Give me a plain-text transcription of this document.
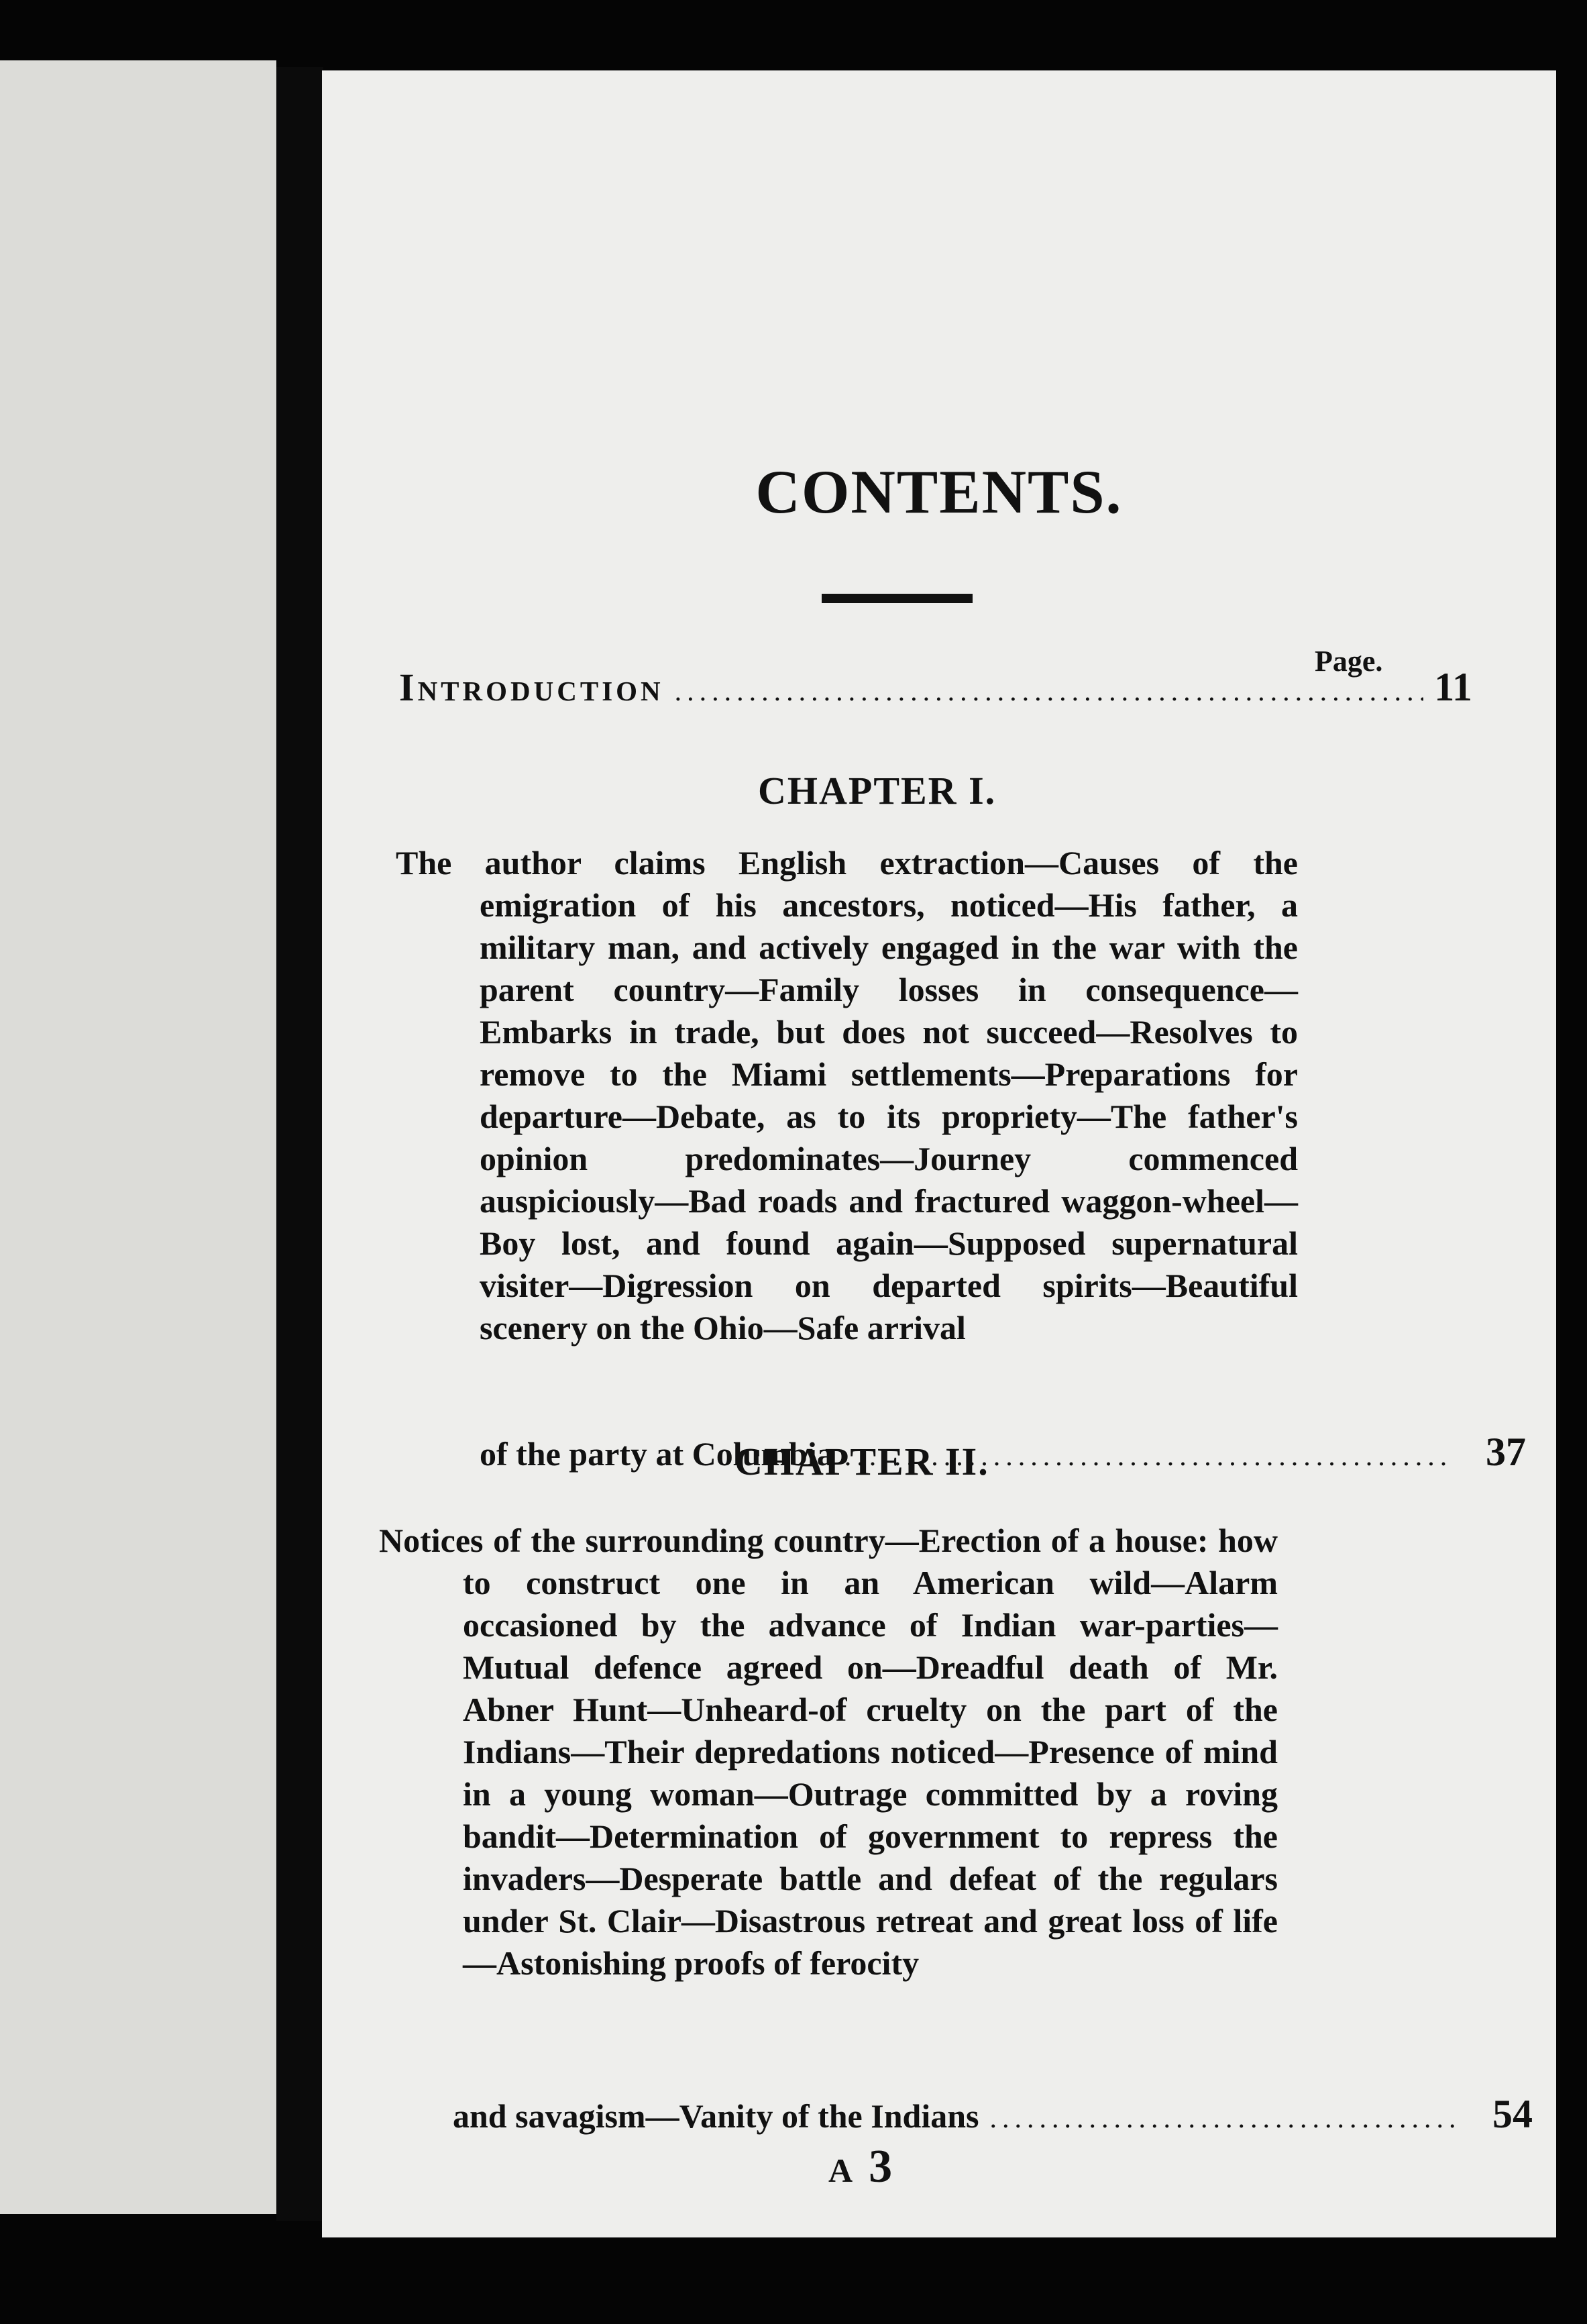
CONTENTS.
Page.
Introduction .....	11
CHAPTER I.

The author claims English extraction—Causes of the emigration of his ancestors, noticed—His father, a military man, and actively engaged in the war with the parent country—Family losses in consequence—Embarks in trade, but does not succeed—Resolves to remove to the Miami settlements—Preparations for departure—Debate, as to its propriety—The father's opinion predominates—Journey commenced auspiciously—Bad roads and fractured waggon-wheel—Boy lost, and found again—Supposed supernatural visiter—Digression on departed spirits—Beautiful scenery on the Ohio—Safe arrival

of the party at Columbia .....	37
CHAPTER II.

Notices of the surrounding country—Erection of a house: how to construct one in an American wild—Alarm occasioned by the advance of Indian war-parties—Mutual defence agreed on—Dreadful death of Mr. Abner Hunt—Unheard-of cruelty on the part of the Indians—Their depredations noticed—Presence of mind in a young woman—Outrage committed by a roving bandit—Determination of government to repress the invaders—Desperate battle and defeat of the regulars under St. Clair—Disastrous retreat and great loss of life—Astonishing proofs of ferocity

and savagism—Vanity of the Indians .....	54
A 3
